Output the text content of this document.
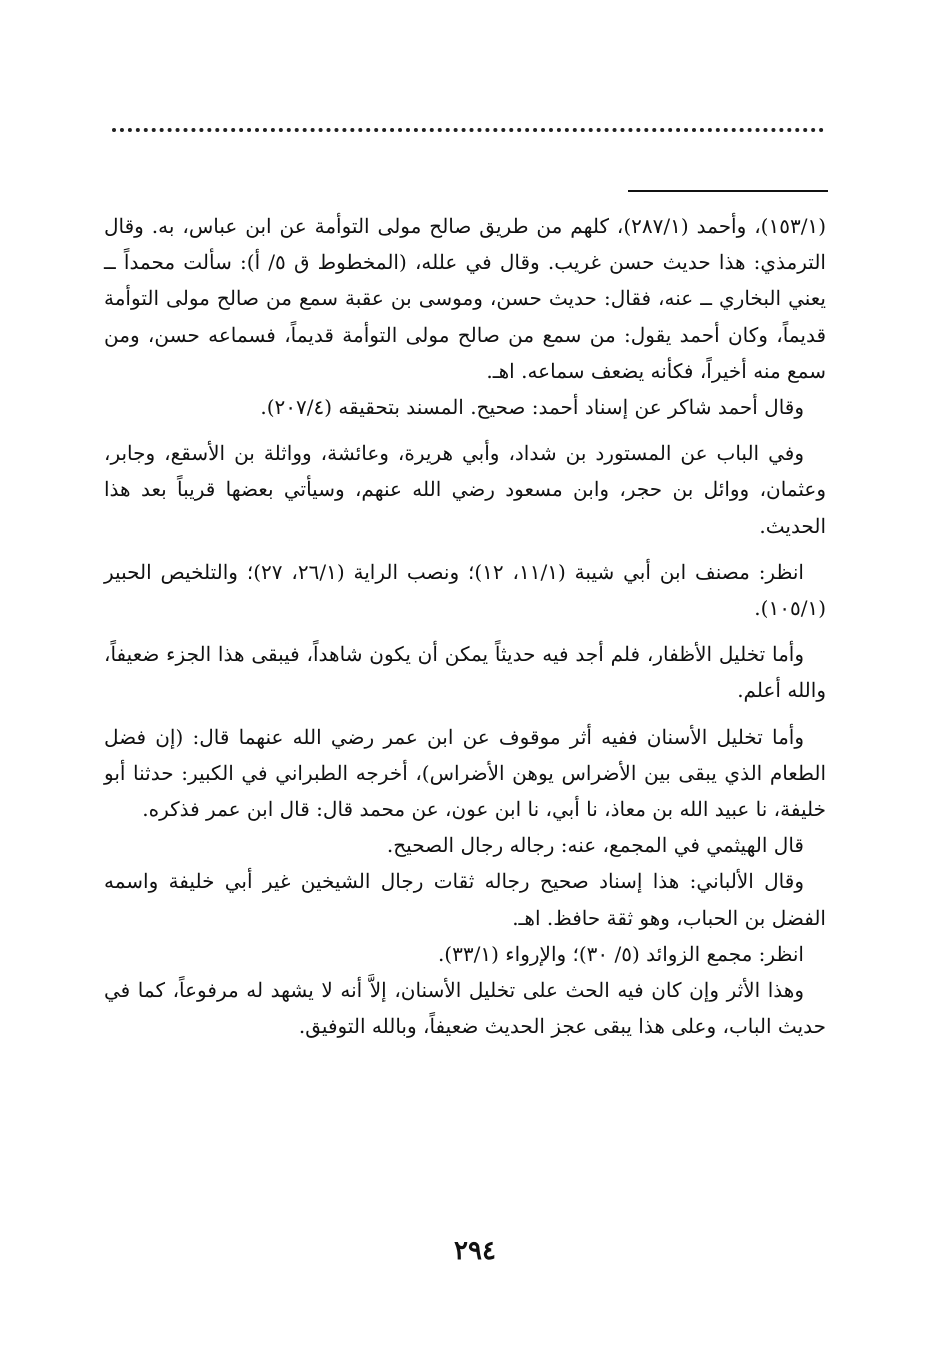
(١٥٣/١)، وأحمد (٢٨٧/١)، كلهم من طريق صالح مولى التوأمة عن ابن عباس، به. وقال الترمذي: هذا حديث حسن غريب. وقال في علله، (المخطوط ق ٥/ أ): سألت محمداً ــ يعني البخاري ــ عنه، فقال: حديث حسن، وموسى بن عقبة سمع من صالح مولى التوأمة قديماً، وكان أحمد يقول: من سمع من صالح مولى التوأمة قديماً، فسماعه حسن، ومن سمع منه أخيراً، فكأنه يضعف سماعه. اهـ.

وقال أحمد شاكر عن إسناد أحمد: صحيح. المسند بتحقيقه (٢٠٧/٤).

وفي الباب عن المستورد بن شداد، وأبي هريرة، وعائشة، وواثلة بن الأسقع، وجابر، وعثمان، ووائل بن حجر، وابن مسعود رضي الله عنهم، وسيأتي بعضها قريباً بعد هذا الحديث.

انظر: مصنف ابن أبي شيبة (١١/١، ١٢)؛ ونصب الراية (٢٦/١، ٢٧)؛ والتلخيص الحبير (١٠٥/١).

وأما تخليل الأظفار، فلم أجد فيه حديثاً يمكن أن يكون شاهداً، فيبقى هذا الجزء ضعيفاً، والله أعلم.

وأما تخليل الأسنان ففيه أثر موقوف عن ابن عمر رضي الله عنهما قال: (إن فضل الطعام الذي يبقى بين الأضراس يوهن الأضراس)، أخرجه الطبراني في الكبير: حدثنا أبو خليفة، نا عبيد الله بن معاذ، نا أبي، نا ابن عون، عن محمد قال: قال ابن عمر فذكره.

قال الهيثمي في المجمع، عنه: رجاله رجال الصحيح.

وقال الألباني: هذا إسناد صحيح رجاله ثقات رجال الشيخين غير أبي خليفة واسمه الفضل بن الحباب، وهو ثقة حافظ. اهـ.

انظر: مجمع الزوائد (٥/ ٣٠)؛ والإرواء (٣٣/١).

وهذا الأثر وإن كان فيه الحث على تخليل الأسنان، إلاَّ أنه لا يشهد له مرفوعاً، كما في حديث الباب، وعلى هذا يبقى عجز الحديث ضعيفاً، وبالله التوفيق.

٢٩٤
